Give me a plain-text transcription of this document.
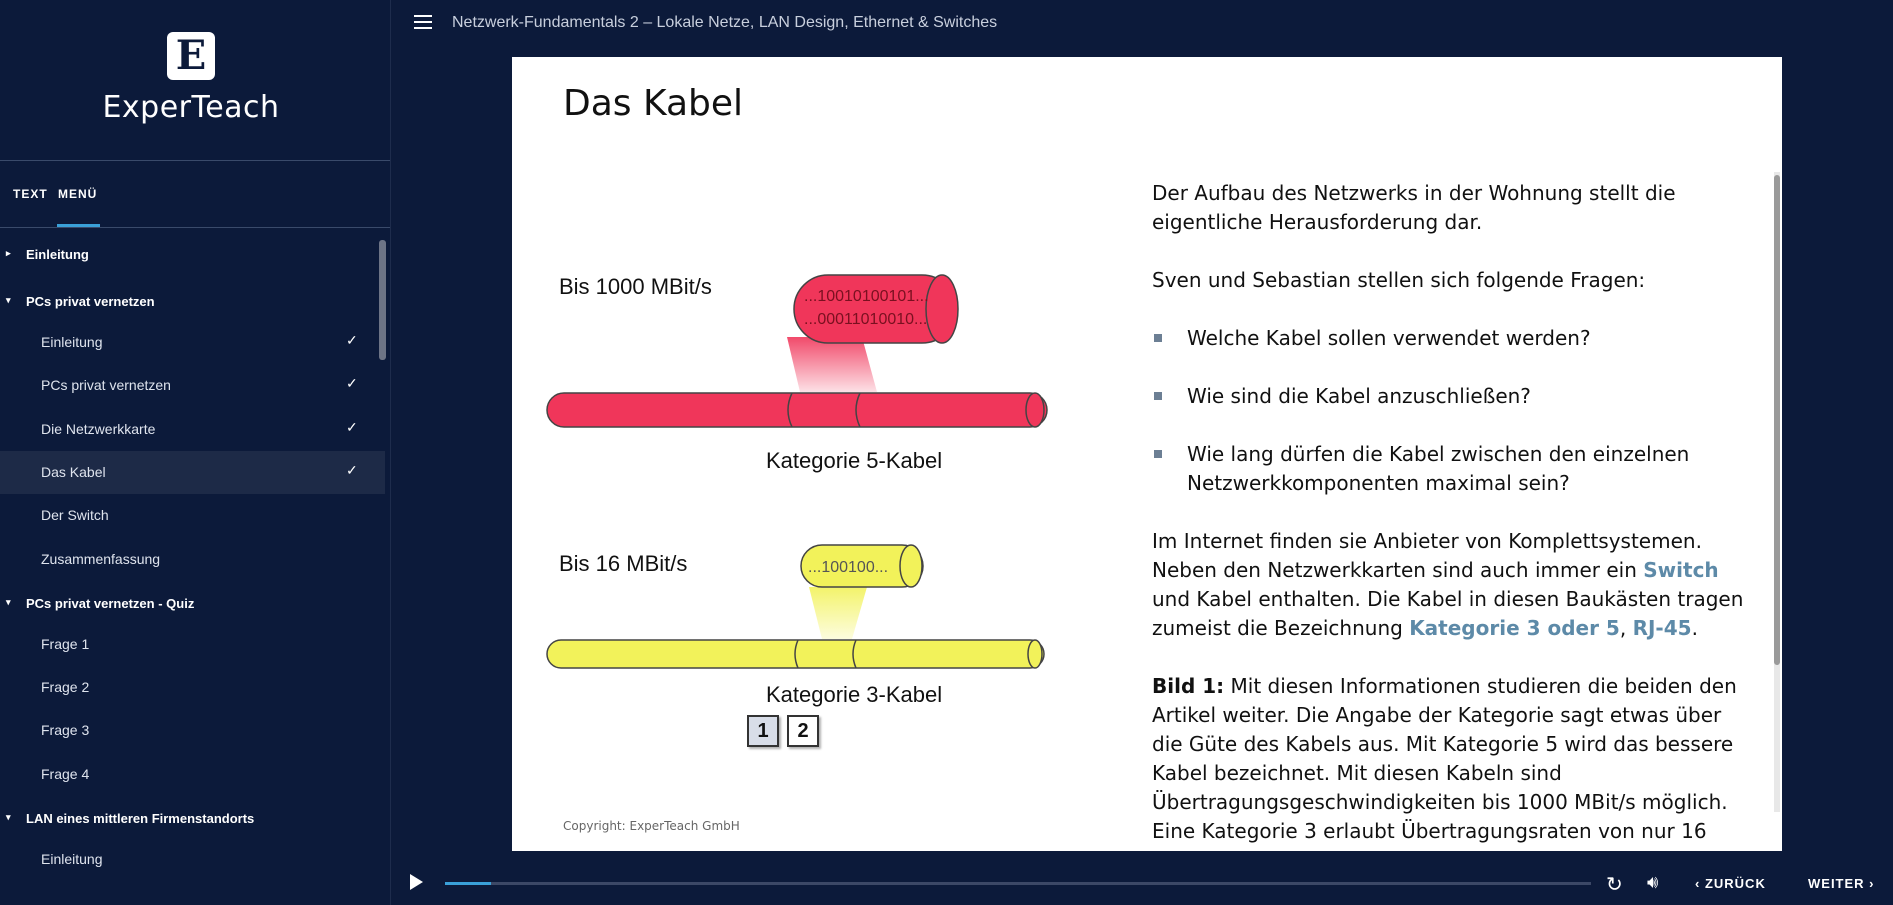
E
ExperTeach
TEXT MENÜ
▸ Einleitung
▾ PCs privat vernetzen
Einleitung	✓
PCs privat vernetzen	✓
Die Netzwerkkarte	✓
Das Kabel	✓
Der Switch
Zusammenfassung
▾ PCs privat vernetzen - Quiz
Frage 1
Frage 2
Frage 3
Frage 4
▾ LAN eines mittleren Firmenstandorts
Einleitung
Netzwerk-Fundamentals 2 – Lokale Netze, LAN Design, Ethernet & Switches
Das Kabel
Bis 1000 MBit/s	...10010100101...
...00011010010...
Kategorie 5-Kabel
Bis 16 MBit/s	...100100...
Kategorie 3-Kabel
1	2
Copyright: ExperTeach GmbH

Der Aufbau des Netzwerks in der Wohnung stellt die eigentliche Herausforderung dar.

Sven und Sebastian stellen sich folgende Fragen:

Welche Kabel sollen verwendet werden?
Wie sind die Kabel anzuschließen?
Wie lang dürfen die Kabel zwischen den einzelnen Netzwerkkomponenten maximal sein?

Im Internet finden sie Anbieter von Komplettsystemen. Neben den Netzwerkkarten sind auch immer ein Switch und Kabel enthalten. Die Kabel in diesen Baukästen tragen zumeist die Bezeichnung Kategorie 3 oder 5, RJ-45.

Bild 1: Mit diesen Informationen studieren die beiden den Artikel weiter. Die Angabe der Kategorie sagt etwas über die Güte des Kabels aus. Mit Kategorie 5 wird das bessere Kabel bezeichnet. Mit diesen Kabeln sind Übertragungsgeschwindigkeiten bis 1000 MBit/s möglich. Eine Kategorie 3 erlaubt Übertragungsraten von nur 16

↻ 🔊︎	‹ ZURÜCK	WEITER ›
